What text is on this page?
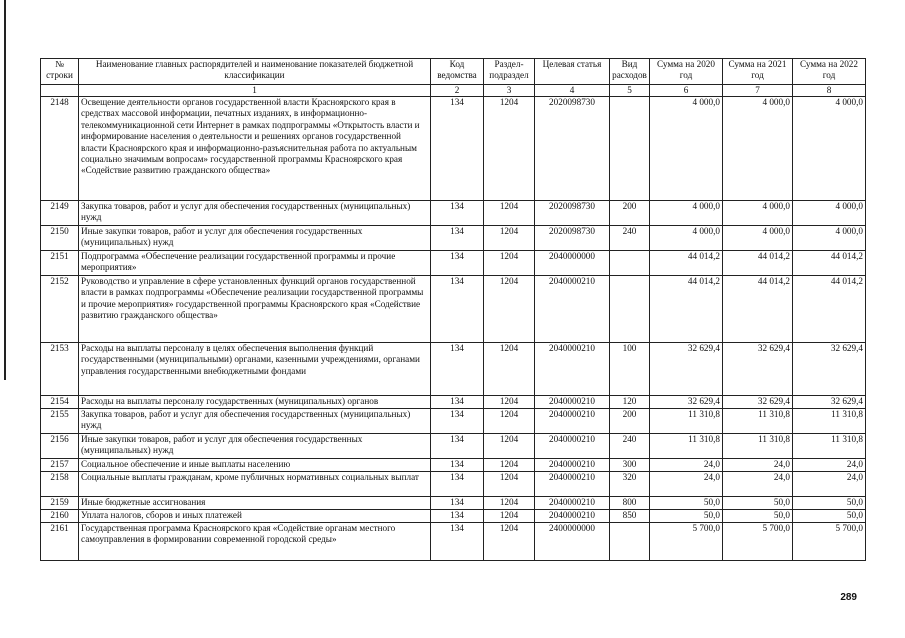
№ строки	Наименование главных распорядителей и наименование показателей бюджетной классификации	Код ведомства	Раздел-подраздел	Целевая статья	Вид расходов	Сумма на 2020 год	Сумма на 2021 год	Сумма на 2022 год
	1	2	3	4	5	6	7	8
2148	Освещение деятельности органов государственной власти Красноярского края в средствах массовой информации, печатных изданиях, в информационно-телекоммуникационной сети Интернет в рамках подпрограммы «Открытость власти и информирование населения о деятельности и решениях органов государственной власти Красноярского края и информационно-разъяснительная работа по актуальным социально значимым вопросам» государственной программы Красноярского края «Содействие развитию гражданского общества»	134	1204	2020098730		4 000,0	4 000,0	4 000,0
2149	Закупка товаров, работ и услуг для обеспечения государственных (муниципальных) нужд	134	1204	2020098730	200	4 000,0	4 000,0	4 000,0
2150	Иные закупки товаров, работ и услуг для обеспечения государственных (муниципальных) нужд	134	1204	2020098730	240	4 000,0	4 000,0	4 000,0
2151	Подпрограмма «Обеспечение реализации государственной программы и прочие мероприятия»	134	1204	2040000000		44 014,2	44 014,2	44 014,2
2152	Руководство и управление в сфере установленных функций органов государственной власти в рамках подпрограммы «Обеспечение реализации государственной программы и прочие мероприятия» государственной программы Красноярского края «Содействие развитию гражданского общества»	134	1204	2040000210		44 014,2	44 014,2	44 014,2
2153	Расходы на выплаты персоналу в целях обеспечения выполнения функций государственными (муниципальными) органами, казенными учреждениями, органами управления государственными внебюджетными фондами	134	1204	2040000210	100	32 629,4	32 629,4	32 629,4
2154	Расходы на выплаты персоналу государственных (муниципальных) органов	134	1204	2040000210	120	32 629,4	32 629,4	32 629,4
2155	Закупка товаров, работ и услуг для обеспечения государственных (муниципальных) нужд	134	1204	2040000210	200	11 310,8	11 310,8	11 310,8
2156	Иные закупки товаров, работ и услуг для обеспечения государственных (муниципальных) нужд	134	1204	2040000210	240	11 310,8	11 310,8	11 310,8
2157	Социальное обеспечение и иные выплаты населению	134	1204	2040000210	300	24,0	24,0	24,0
2158	Социальные выплаты гражданам, кроме публичных нормативных социальных выплат	134	1204	2040000210	320	24,0	24,0	24,0
2159	Иные бюджетные ассигнования	134	1204	2040000210	800	50,0	50,0	50,0
2160	Уплата налогов, сборов и иных платежей	134	1204	2040000210	850	50,0	50,0	50,0
2161	Государственная программа Красноярского края «Содействие органам местного самоуправления в формировании современной городской среды»	134	1204	2400000000		5 700,0	5 700,0	5 700,0
289
